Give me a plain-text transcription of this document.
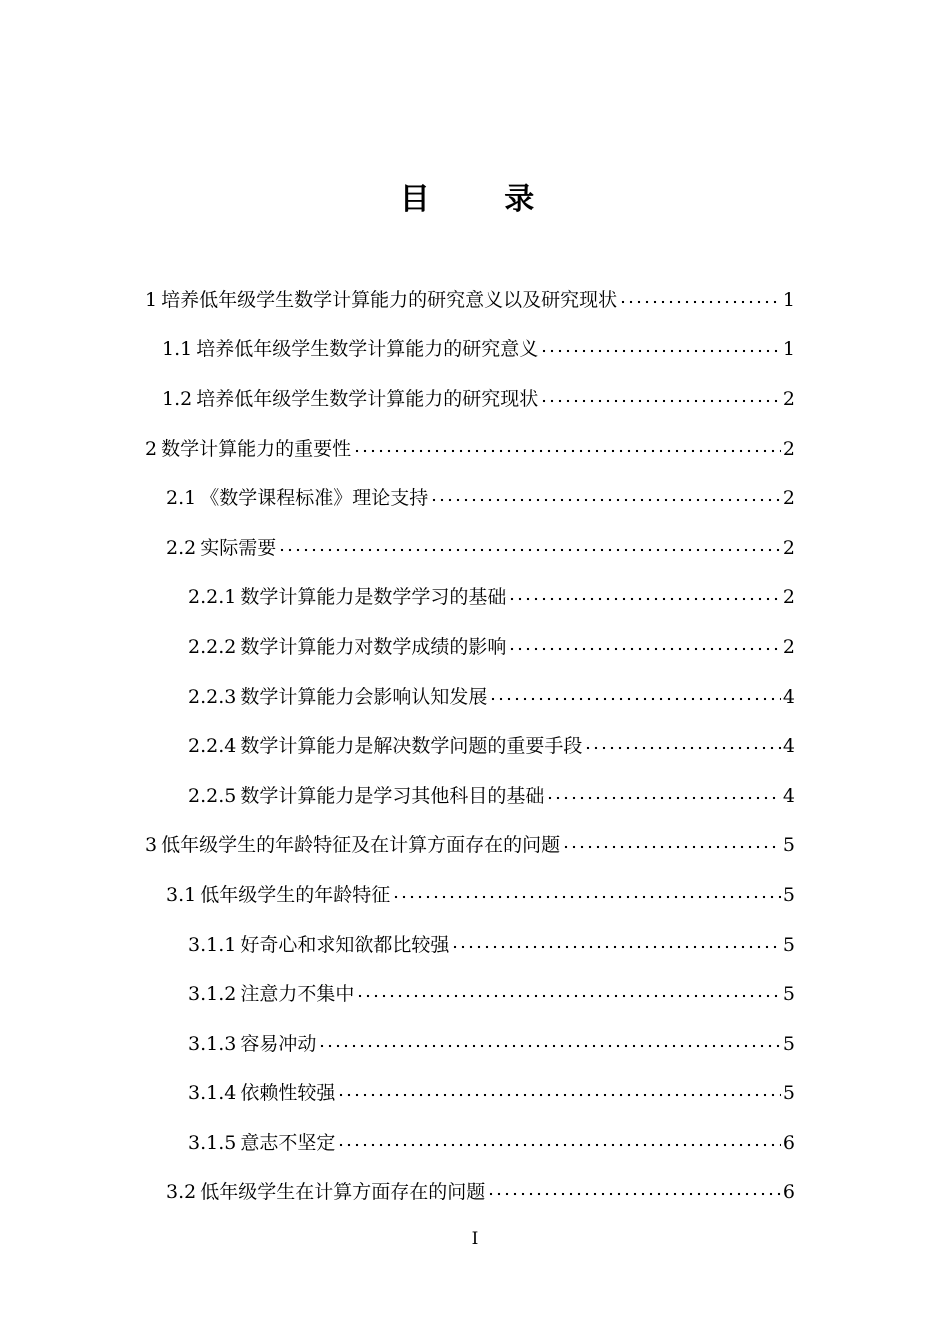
目 录
1 培养低年级学生数学计算能力的研究意义以及研究现状	1
1.1 培养低年级学生数学计算能力的研究意义	1
1.2 培养低年级学生数学计算能力的研究现状	2
2 数学计算能力的重要性	2
2.1 《数学课程标准》理论支持	2
2.2 实际需要	2
2.2.1 数学计算能力是数学学习的基础	2
2.2.2 数学计算能力对数学成绩的影响	2
2.2.3 数学计算能力会影响认知发展	4
2.2.4 数学计算能力是解决数学问题的重要手段	4
2.2.5 数学计算能力是学习其他科目的基础	4
3 低年级学生的年龄特征及在计算方面存在的问题	5
3.1 低年级学生的年龄特征	5
3.1.1 好奇心和求知欲都比较强	5
3.1.2 注意力不集中	5
3.1.3 容易冲动	5
3.1.4 依赖性较强	5
3.1.5 意志不坚定	6
3.2 低年级学生在计算方面存在的问题	6
I
